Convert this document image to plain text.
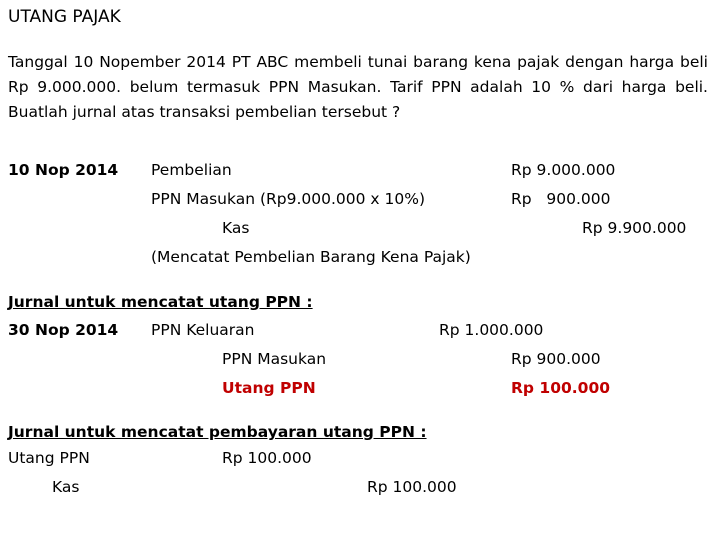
UTANG PAJAK
Tanggal 10 Nopember 2014 PT ABC membeli tunai barang kena pajak dengan harga beli Rp 9.000.000. belum termasuk PPN Masukan. Tarif PPN adalah 10 % dari harga beli. Buatlah jurnal atas transaksi pembelian tersebut ?
10 Nop 2014 Pembelian	Rp 9.000.000
PPN Masukan (Rp9.000.000 x 10%)	Rp   900.000
Kas	Rp 9.900.000
(Mencatat Pembelian Barang Kena Pajak)
Jurnal untuk mencatat utang PPN :
30 Nop 2014 PPN Keluaran	Rp 1.000.000
PPN Masukan	Rp 900.000
Utang PPN	Rp 100.000
Jurnal untuk mencatat pembayaran utang PPN :
Utang PPN	Rp 100.000
Kas	Rp 100.000
